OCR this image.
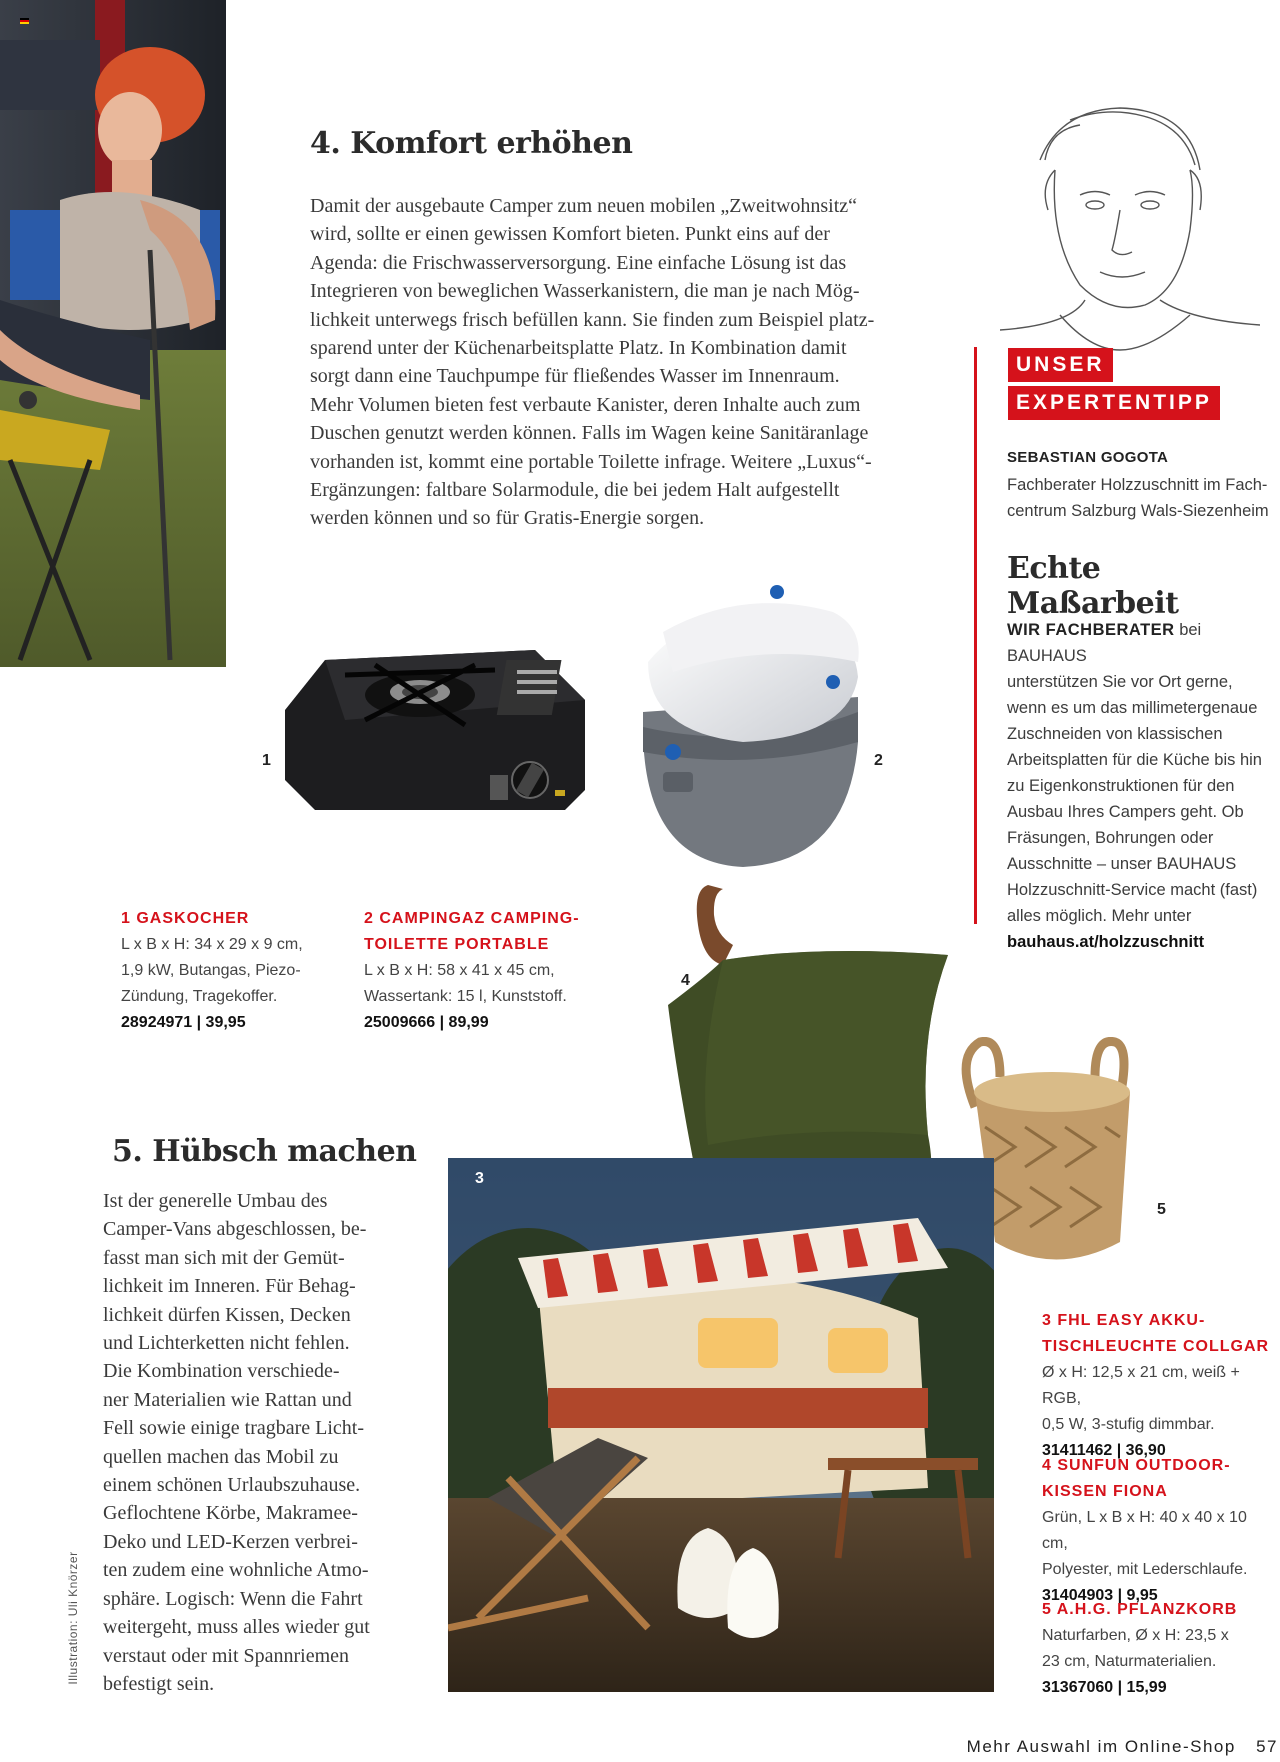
4. Komfort erhöhen
Damit der ausgebaute Camper zum neuen mobilen „Zweitwohnsitz“
wird, sollte er einen gewissen Komfort bieten. Punkt eins auf der
Agenda: die Frischwasserversorgung. Eine einfache Lösung ist das
Integrieren von beweglichen Wasserkanistern, die man je nach Mög-
lichkeit unterwegs frisch befüllen kann. Sie finden zum Beispiel platz-
sparend unter der Küchenarbeitsplatte Platz. In Kombination damit
sorgt dann eine Tauchpumpe für fließendes Wasser im Innenraum.
Mehr Volumen bieten fest verbaute Kanister, deren Inhalte auch zum
Duschen genutzt werden können. Falls im Wagen keine Sanitäranlage
vorhanden ist, kommt eine portable Toilette infrage. Weitere „Luxus“-
Ergänzungen: faltbare Solarmodule, die bei jedem Halt aufgestellt
werden können und so für Gratis-Energie sorgen.
UNSER
EXPERTENTIPP
SEBASTIAN GOGOTA
Fachberater Holzzuschnitt im Fach-
centrum Salzburg Wals-Siezenheim
Echte Maßarbeit
WIR FACHBERATER bei BAUHAUS
unterstützen Sie vor Ort gerne,
wenn es um das millimetergenaue
Zuschneiden von klassischen
Arbeitsplatten für die Küche bis hin
zu Eigenkonstruktionen für den
Ausbau Ihres Campers geht. Ob
Fräsungen, Bohrungen oder
Ausschnitte – unser BAUHAUS
Holzzuschnitt-Service macht (fast)
alles möglich. Mehr unter
bauhaus.at/holzzuschnitt
1	2
3
4
5
1 GASKOCHER
L x B x H: 34 x 29 x 9 cm,
1,9 kW, Butangas, Piezo-
Zündung, Tragekoffer.
28924971 | 39,95
2 CAMPINGAZ CAMPING-
TOILETTE PORTABLE
L x B x H: 58 x 41 x 45 cm,
Wassertank: 15 l, Kunststoff.
25009666 | 89,99
3 FHL EASY AKKU-
TISCHLEUCHTE COLLGAR
Ø x H: 12,5 x 21 cm, weiß + RGB,
0,5 W, 3-stufig dimmbar.
31411462 | 36,90
4 SUNFUN OUTDOOR-
KISSEN FIONA
Grün, L x B x H: 40 x 40 x 10 cm,
Polyester, mit Lederschlaufe.
31404903 | 9,95
5 A.H.G. PFLANZKORB
Naturfarben, Ø x H: 23,5 x
23 cm, Naturmaterialien.
31367060 | 15,99
5. Hübsch machen
Ist der generelle Umbau des
Camper-Vans abgeschlossen, be-
fasst man sich mit der Gemüt-
lichkeit im Inneren. Für Behag-
lichkeit dürfen Kissen, Decken
und Lichterketten nicht fehlen.
Die Kombination verschiede-
ner Materialien wie Rattan und
Fell sowie einige tragbare Licht-
quellen machen das Mobil zu
einem schönen Urlaubszuhause.
Geflochtene Körbe, Makramee-
Deko und LED-Kerzen verbrei-
ten zudem eine wohnliche Atmo-
sphäre. Logisch: Wenn die Fahrt
weitergeht, muss alles wieder gut
verstaut oder mit Spannriemen
befestigt sein.
Illustration: Uli Knörzer
Mehr Auswahl im Online-Shop 57
